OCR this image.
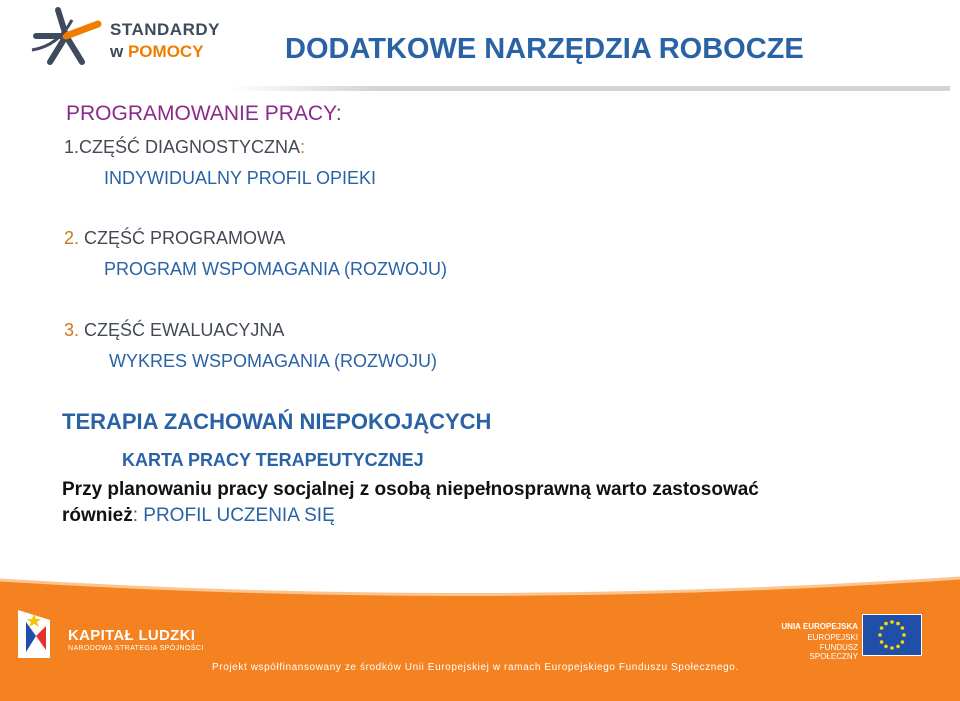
STANDARDY
w POMOCY	DODATKOWE NARZĘDZIA ROBOCZE
PROGRAMOWANIE PRACY:
1.CZĘŚĆ DIAGNOSTYCZNA:
INDYWIDUALNY PROFIL OPIEKI
2. CZĘŚĆ PROGRAMOWA
PROGRAM WSPOMAGANIA (ROZWOJU)
3. CZĘŚĆ EWALUACYJNA
WYKRES WSPOMAGANIA (ROZWOJU)
TERAPIA ZACHOWAŃ NIEPOKOJĄCYCH
KARTA PRACY TERAPEUTYCZNEJ
Przy planowaniu pracy socjalnej z osobą niepełnosprawną warto zastosować
również: PROFIL UCZENIA SIĘ
KAPITAŁ LUDZKI
NARODOWA STRATEGIA SPÓJNOŚCI
UNIA EUROPEJSKA
EUROPEJSKI
FUNDUSZ SPOŁECZNY
Projekt współfinansowany ze środków Unii Europejskiej w ramach Europejskiego Funduszu Społecznego.
